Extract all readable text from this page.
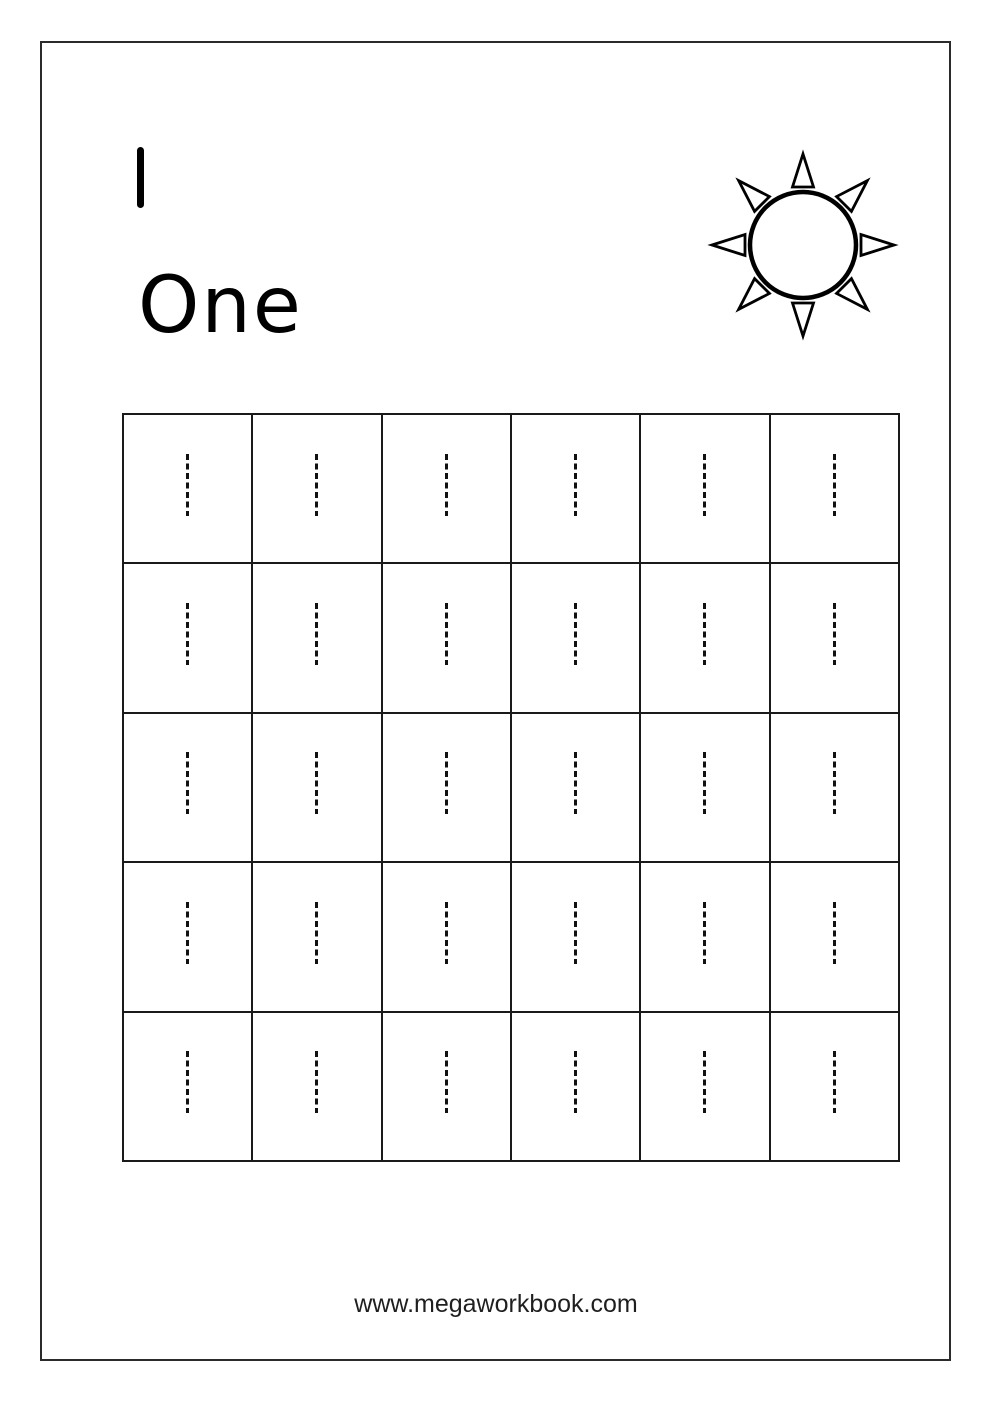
One
www.megaworkbook.com
